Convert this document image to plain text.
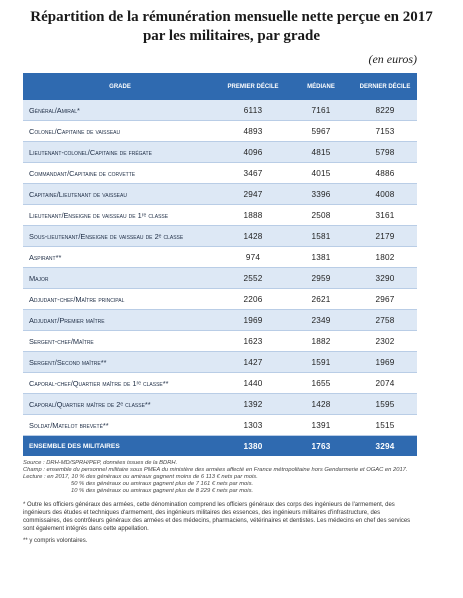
Répartition de la rémunération mensuelle nette perçue en 2017
par les militaires, par grade
(en euros)
GRADE	PREMIER DÉCILE	MÉDIANE	DERNIER DÉCILE
Général/Amiral*	6113	7161	8229
Colonel/Capitaine de vaisseau	4893	5967	7153
Lieutenant-colonel/Capitaine de frégate	4096	4815	5798
Commandant/Capitaine de corvette	3467	4015	4886
Capitaine/Lieutenant de vaisseau	2947	3396	4008
Lieutenant/Enseigne de vaisseau de 1ʳᵉ classe	1888	2508	3161
Sous-lieutenant/Enseigne de vaisseau de 2ᵉ classe	1428	1581	2179
Aspirant**	974	1381	1802
Major	2552	2959	3290
Adjudant-chef/Maître principal	2206	2621	2967
Adjudant/Premier maître	1969	2349	2758
Sergent-chef/Maître	1623	1882	2302
Sergent/Second maître**	1427	1591	1969
Caporal-chef/Quartier maître de 1ʳᵉ classe**	1440	1655	2074
Caporal/Quartier maître de 2ᵉ classe**	1392	1428	1595
Soldat/Matelot breveté**	1303	1391	1515
ENSEMBLE DES MILITAIRES	1380	1763	3294
Source : DRH-MD/SPRH/PEP, données issues de la BDRH.
Champ : ensemble du personnel militaire sous PMEA du ministère des armées affecté en France métropolitaine hors Gendarmerie et OGAC en 2017.
Lecture : en 2017, 10 % des généraux ou amiraux gagnent moins de 6 113 € nets par mois.
50 % des généraux ou amiraux gagnent plus de 7 161 € nets par mois.
10 % des généraux ou amiraux gagnent plus de 8 229 € nets par mois.

* Outre les officiers généraux des armées, cette dénomination comprend les officiers généraux des corps des ingénieurs de l'armement, des ingénieurs des études et techniques d'armement, des ingénieurs militaires des essences, des ingénieurs militaires d'infrastructure, des commissaires, des contrôleurs généraux des armées et des médecins, pharmaciens, vétérinaires et dentistes. Les médecins en chef des services sont également intégrés dans cette appellation.

** y compris volontaires.
